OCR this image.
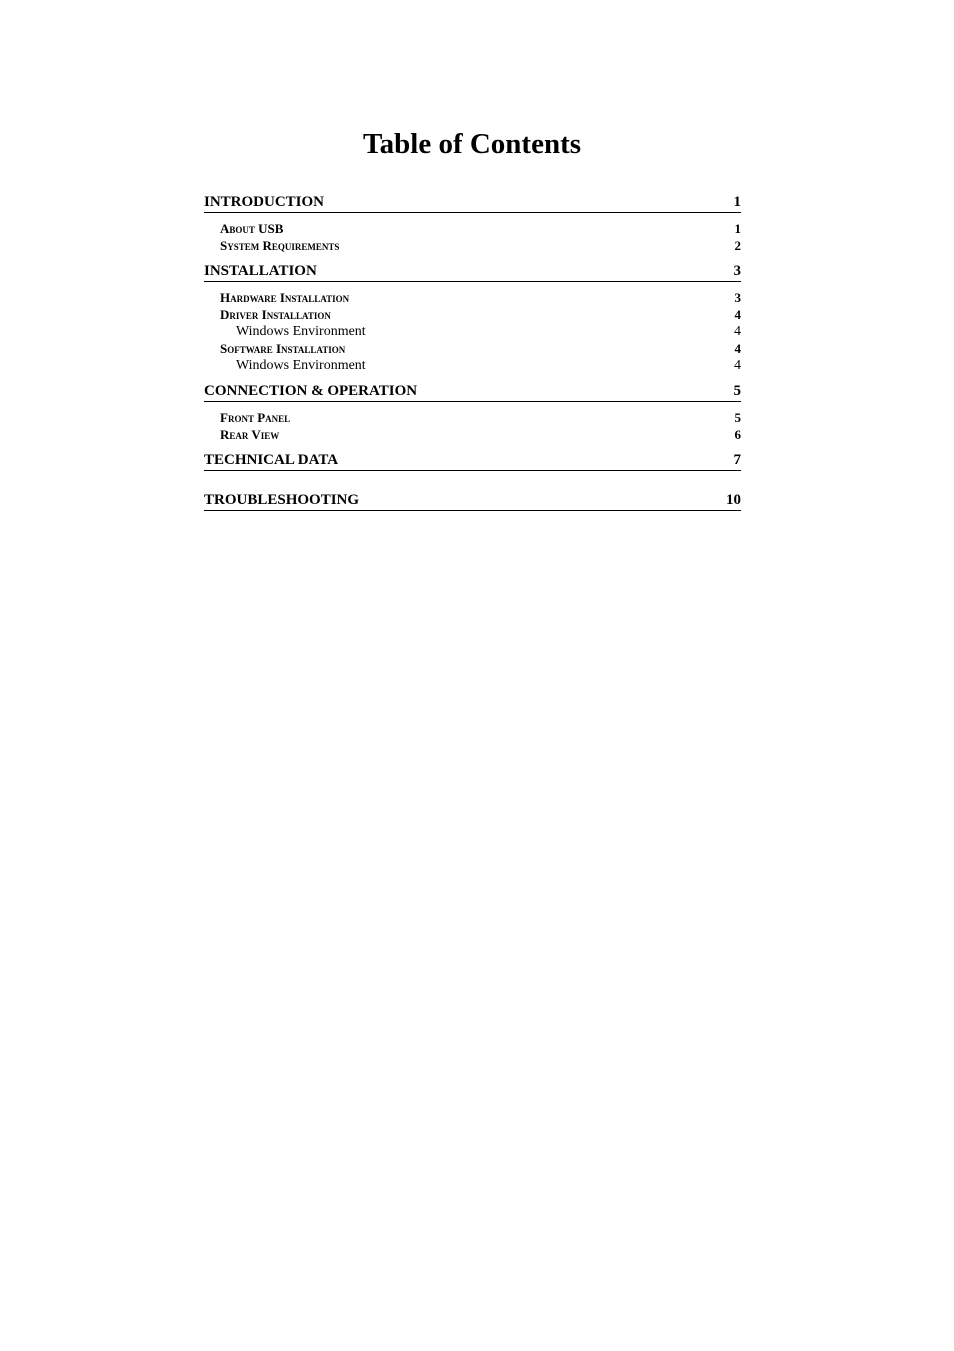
Table of Contents
INTRODUCTION	1
About USB	1
System Requirements	2
INSTALLATION	3
Hardware Installation	3
Driver Installation	4
Windows Environment	4
Software Installation	4
Windows Environment	4
CONNECTION & OPERATION	5
Front Panel	5
Rear View	6
TECHNICAL DATA	7
TROUBLESHOOTING	10
